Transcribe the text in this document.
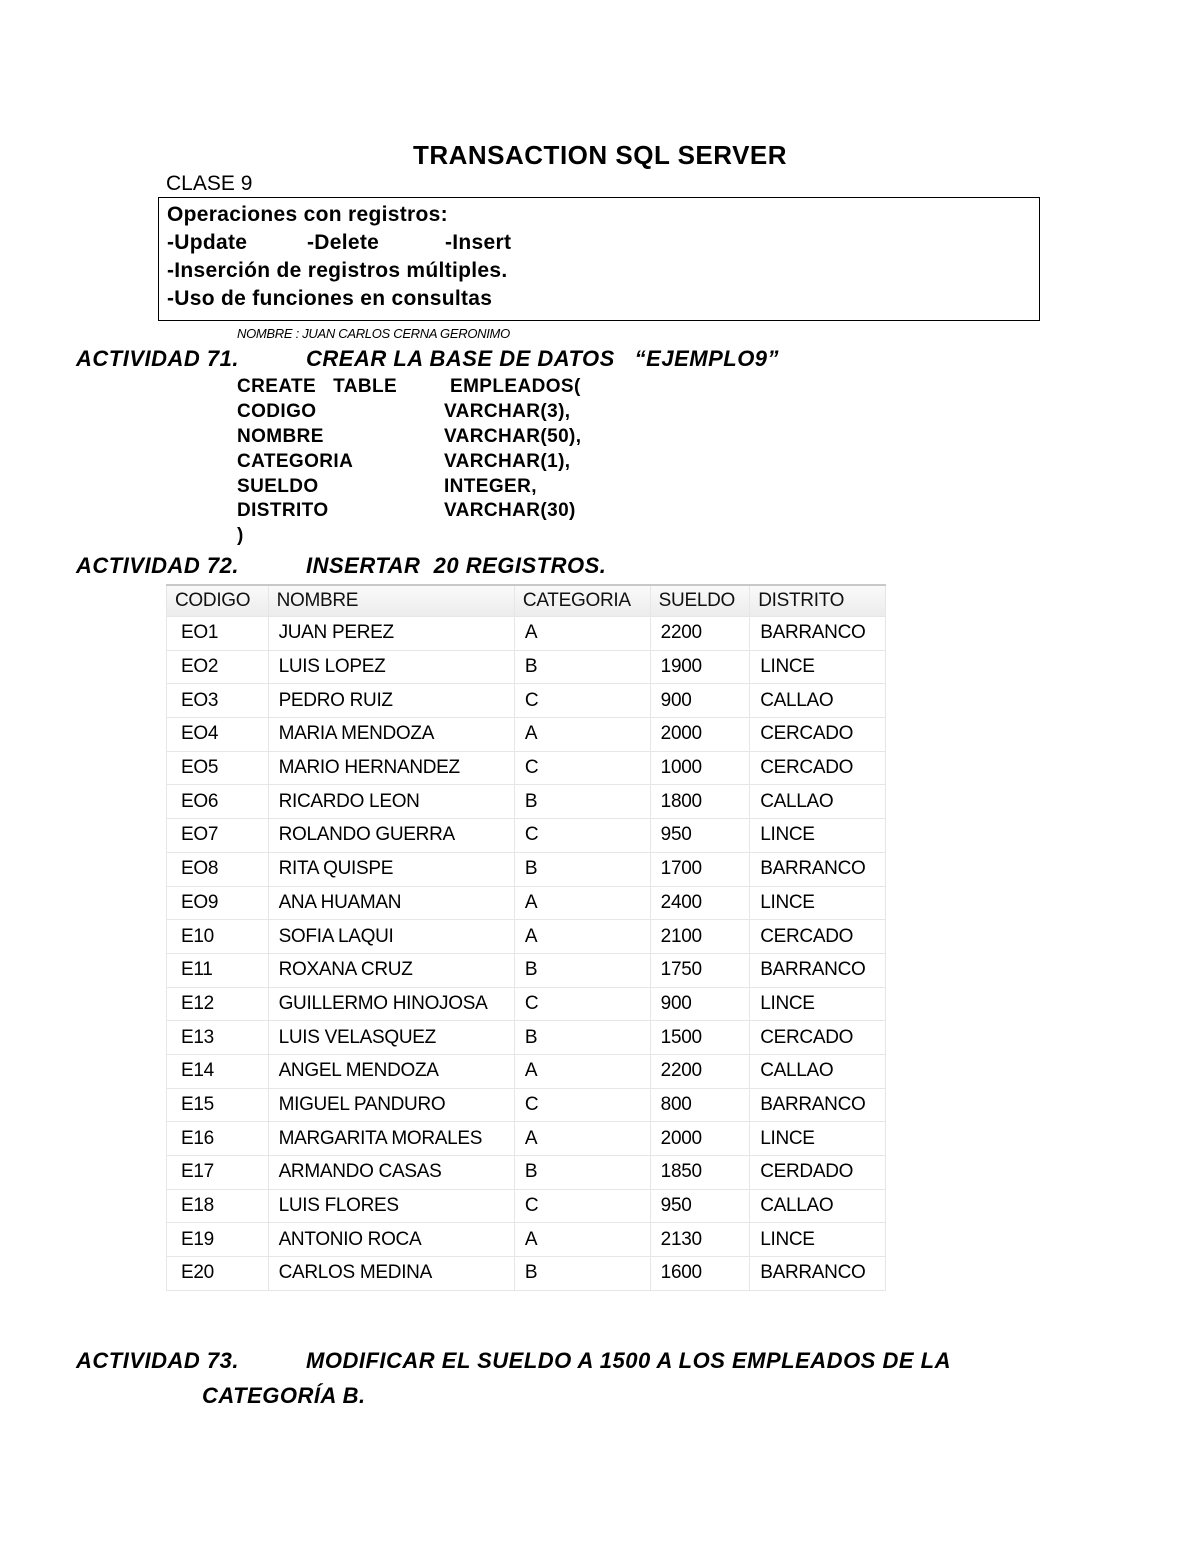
TRANSACTION SQL SERVER
CLASE 9
Operaciones con registros:
-Update	-Delete	-Insert
-Inserción de registros múltiples.
-Uso de funciones en consultas
NOMBRE : JUAN CARLOS CERNA GERONIMO
ACTIVIDAD 71.	CREAR LA BASE DE DATOS   “EJEMPLO9”
CREATE   TABLE	EMPLEADOS(
CODIGO	VARCHAR(3),
NOMBRE	VARCHAR(50),
CATEGORIA	VARCHAR(1),
SUELDO	INTEGER,
DISTRITO	VARCHAR(30)
)
ACTIVIDAD 72.	INSERTAR  20 REGISTROS.
CODIGO	NOMBRE	CATEGORIA	SUELDO	DISTRITO
EO1	JUAN PEREZ	A	2200	BARRANCO
EO2	LUIS LOPEZ	B	1900	LINCE
EO3	PEDRO RUIZ	C	900	CALLAO
EO4	MARIA MENDOZA	A	2000	CERCADO
EO5	MARIO HERNANDEZ	C	1000	CERCADO
EO6	RICARDO LEON	B	1800	CALLAO
EO7	ROLANDO GUERRA	C	950	LINCE
EO8	RITA QUISPE	B	1700	BARRANCO
EO9	ANA HUAMAN	A	2400	LINCE
E10	SOFIA LAQUI	A	2100	CERCADO
E11	ROXANA CRUZ	B	1750	BARRANCO
E12	GUILLERMO HINOJOSA	C	900	LINCE
E13	LUIS VELASQUEZ	B	1500	CERCADO
E14	ANGEL MENDOZA	A	2200	CALLAO
E15	MIGUEL PANDURO	C	800	BARRANCO
E16	MARGARITA MORALES	A	2000	LINCE
E17	ARMANDO CASAS	B	1850	CERDADO
E18	LUIS FLORES	C	950	CALLAO
E19	ANTONIO ROCA	A	2130	LINCE
E20	CARLOS MEDINA	B	1600	BARRANCO
ACTIVIDAD 73.	MODIFICAR EL SUELDO A 1500 A LOS EMPLEADOS DE LA
CATEGORÍA B.
